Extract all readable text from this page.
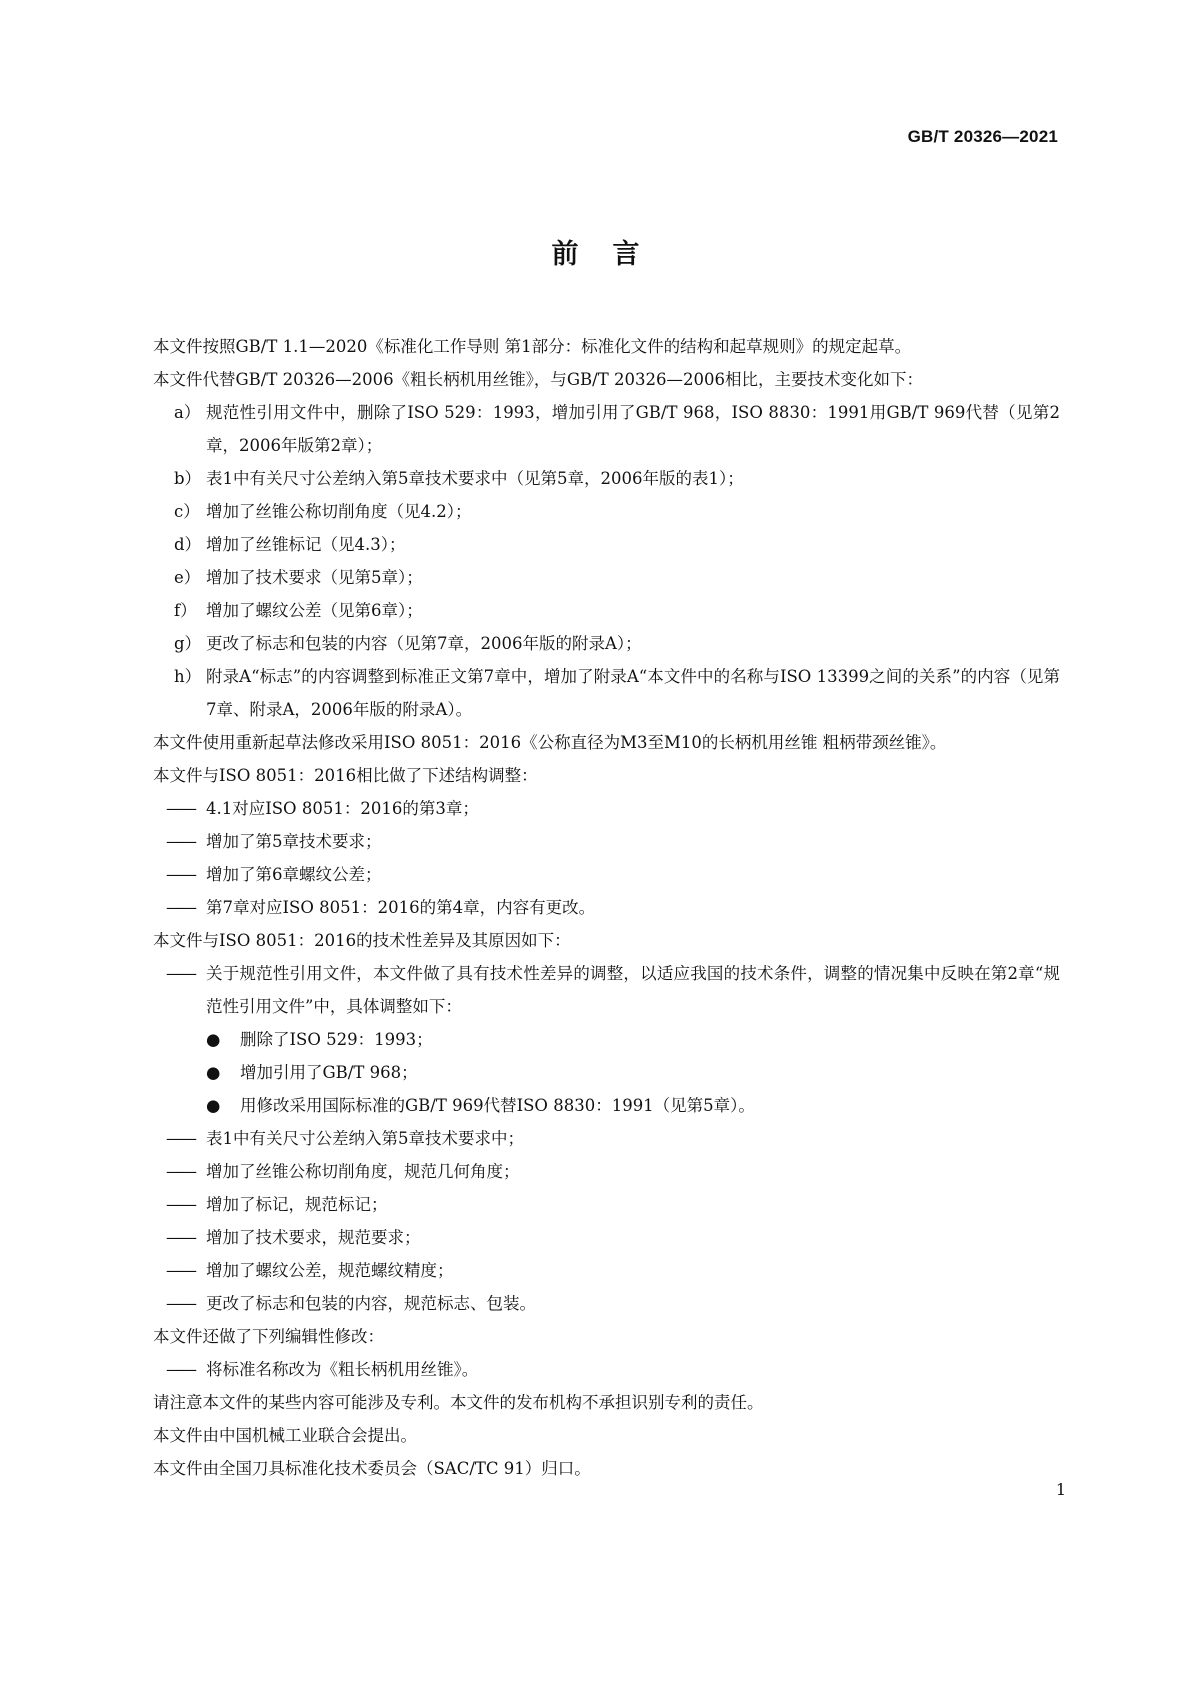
GB/T 20326—2021
前言

本文件按照GB/T 1.1—2020《标准化工作导则 第1部分：标准化文件的结构和起草规则》的规定起草。

本文件代替GB/T 20326—2006《粗长柄机用丝锥》，与GB/T 20326—2006相比，主要技术变化如下：

a） 规范性引用文件中，删除了ISO 529：1993，增加引用了GB/T 968，ISO 8830：1991用GB/T 969代替（见第2章，2006年版第2章）；

b） 表1中有关尺寸公差纳入第5章技术要求中（见第5章，2006年版的表1）；

c） 增加了丝锥公称切削角度（见4.2）；

d） 增加了丝锥标记（见4.3）；

e） 增加了技术要求（见第5章）；

f） 增加了螺纹公差（见第6章）；

g） 更改了标志和包装的内容（见第7章，2006年版的附录A）；

h） 附录A“标志”的内容调整到标准正文第7章中，增加了附录A“本文件中的名称与ISO 13399之间的关系”的内容（见第7章、附录A，2006年版的附录A）。

本文件使用重新起草法修改采用ISO 8051：2016《公称直径为M3至M10的长柄机用丝锥 粗柄带颈丝锥》。

本文件与ISO 8051：2016相比做了下述结构调整：

—— 4.1对应ISO 8051：2016的第3章；

—— 增加了第5章技术要求；

—— 增加了第6章螺纹公差；

—— 第7章对应ISO 8051：2016的第4章，内容有更改。

本文件与ISO 8051：2016的技术性差异及其原因如下：

—— 关于规范性引用文件，本文件做了具有技术性差异的调整，以适应我国的技术条件，调整的情况集中反映在第2章“规范性引用文件”中，具体调整如下：

● 删除了ISO 529：1993；

● 增加引用了GB/T 968；

● 用修改采用国际标准的GB/T 969代替ISO 8830：1991（见第5章）。

—— 表1中有关尺寸公差纳入第5章技术要求中；

—— 增加了丝锥公称切削角度，规范几何角度；

—— 增加了标记，规范标记；

—— 增加了技术要求，规范要求；

—— 增加了螺纹公差，规范螺纹精度；

—— 更改了标志和包装的内容，规范标志、包装。

本文件还做了下列编辑性修改：

—— 将标准名称改为《粗长柄机用丝锥》。

请注意本文件的某些内容可能涉及专利。本文件的发布机构不承担识别专利的责任。

本文件由中国机械工业联合会提出。

本文件由全国刀具标准化技术委员会（SAC/TC 91）归口。

1
